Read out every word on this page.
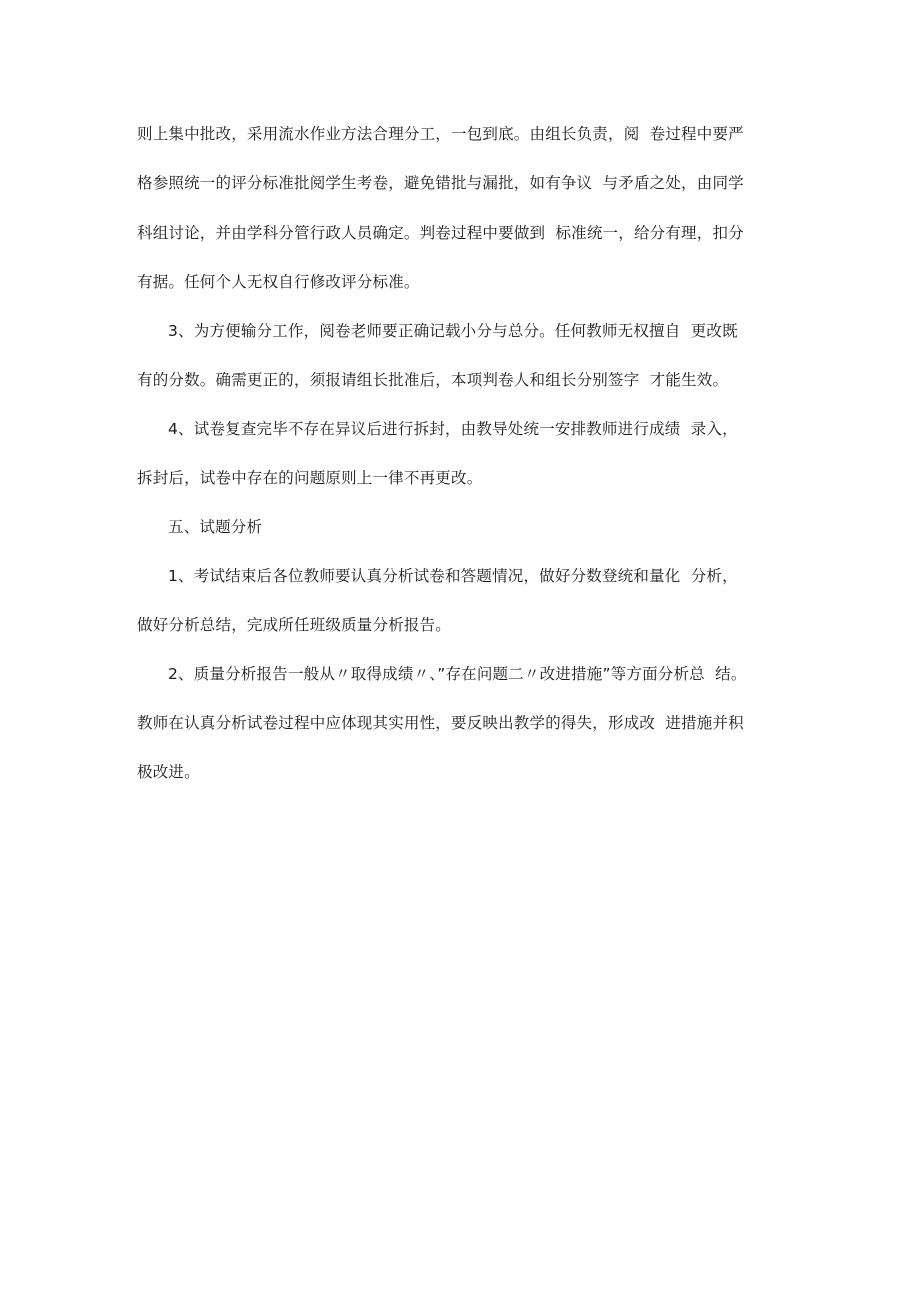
则上集中批改，采用流水作业方法合理分工，一包到底。由组长负责，阅  卷过程中要严
格参照统一的评分标准批阅学生考卷，避免错批与漏批，如有争议  与矛盾之处，由同学
科组讨论，并由学科分管行政人员确定。判卷过程中要做到  标准统一，给分有理，扣分
有据。任何个人无权自行修改评分标准。
3、为方便输分工作，阅卷老师要正确记载小分与总分。任何教师无权擅自  更改既
有的分数。确需更正的，须报请组长批准后，本项判卷人和组长分别签字  才能生效。
4、试卷复查完毕不存在异议后进行拆封，由教导处统一安排教师进行成绩  录入，
拆封后，试卷中存在的问题原则上一律不再更改。
五、试题分析
1、考试结束后各位教师要认真分析试卷和答题情况，做好分数登统和量化  分析，
做好分析总结，完成所任班级质量分析报告。
2、质量分析报告一般从〃取得成绩〃、”存在问题二〃改进措施”等方面分析总  结。
教师在认真分析试卷过程中应体现其实用性，要反映出教学的得失，形成改  进措施并积
极改进。
